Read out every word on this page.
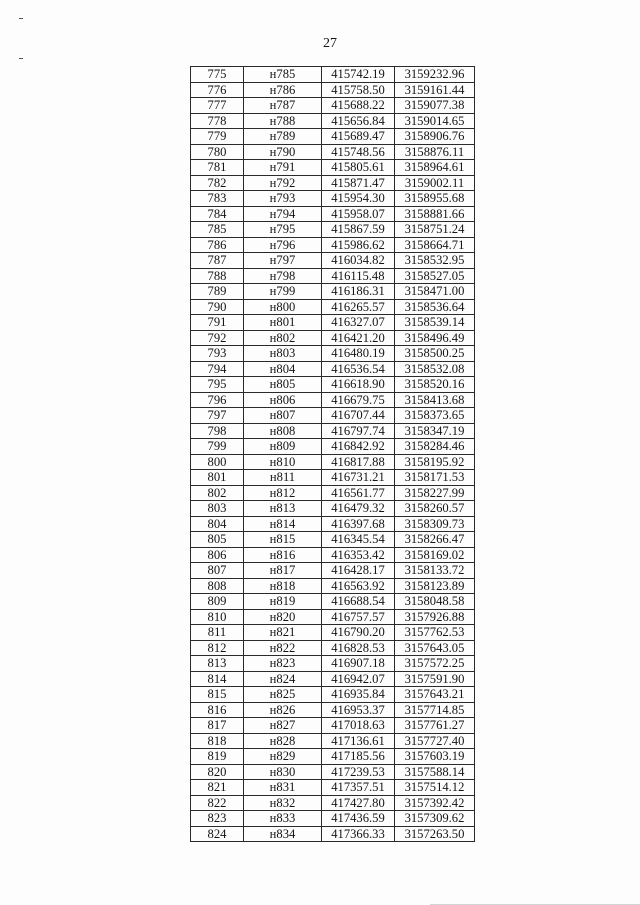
27
775	н785	415742.19	3159232.96
776	н786	415758.50	3159161.44
777	н787	415688.22	3159077.38
778	н788	415656.84	3159014.65
779	н789	415689.47	3158906.76
780	н790	415748.56	3158876.11
781	н791	415805.61	3158964.61
782	н792	415871.47	3159002.11
783	н793	415954.30	3158955.68
784	н794	415958.07	3158881.66
785	н795	415867.59	3158751.24
786	н796	415986.62	3158664.71
787	н797	416034.82	3158532.95
788	н798	416115.48	3158527.05
789	н799	416186.31	3158471.00
790	н800	416265.57	3158536.64
791	н801	416327.07	3158539.14
792	н802	416421.20	3158496.49
793	н803	416480.19	3158500.25
794	н804	416536.54	3158532.08
795	н805	416618.90	3158520.16
796	н806	416679.75	3158413.68
797	н807	416707.44	3158373.65
798	н808	416797.74	3158347.19
799	н809	416842.92	3158284.46
800	н810	416817.88	3158195.92
801	н811	416731.21	3158171.53
802	н812	416561.77	3158227.99
803	н813	416479.32	3158260.57
804	н814	416397.68	3158309.73
805	н815	416345.54	3158266.47
806	н816	416353.42	3158169.02
807	н817	416428.17	3158133.72
808	н818	416563.92	3158123.89
809	н819	416688.54	3158048.58
810	н820	416757.57	3157926.88
811	н821	416790.20	3157762.53
812	н822	416828.53	3157643.05
813	н823	416907.18	3157572.25
814	н824	416942.07	3157591.90
815	н825	416935.84	3157643.21
816	н826	416953.37	3157714.85
817	н827	417018.63	3157761.27
818	н828	417136.61	3157727.40
819	н829	417185.56	3157603.19
820	н830	417239.53	3157588.14
821	н831	417357.51	3157514.12
822	н832	417427.80	3157392.42
823	н833	417436.59	3157309.62
824	н834	417366.33	3157263.50
